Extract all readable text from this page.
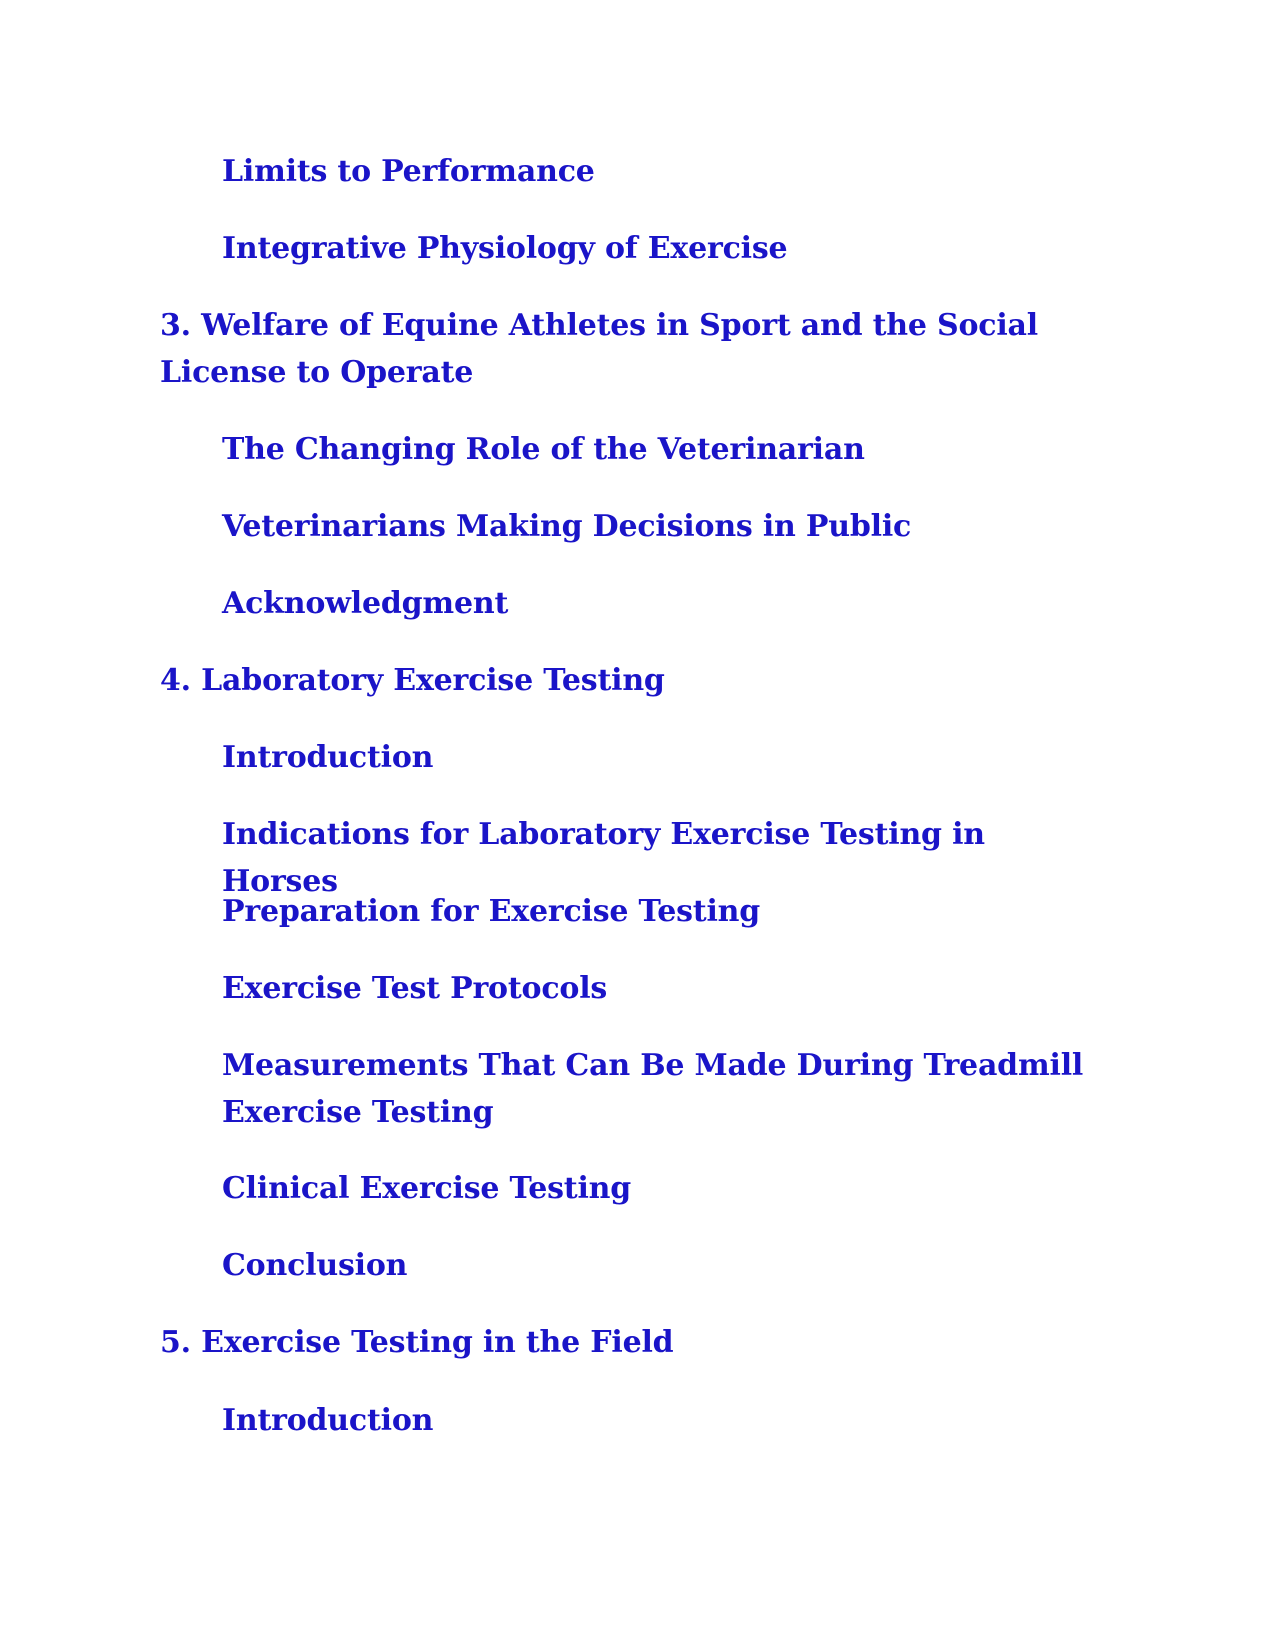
Limits to Performance
Integrative Physiology of Exercise
3. Welfare of Equine Athletes in Sport and the Social License to Operate
The Changing Role of the Veterinarian
Veterinarians Making Decisions in Public
Acknowledgment
4. Laboratory Exercise Testing
Introduction
Indications for Laboratory Exercise Testing in Horses
Preparation for Exercise Testing
Exercise Test Protocols
Measurements That Can Be Made During Treadmill Exercise Testing
Clinical Exercise Testing
Conclusion
5. Exercise Testing in the Field
Introduction
